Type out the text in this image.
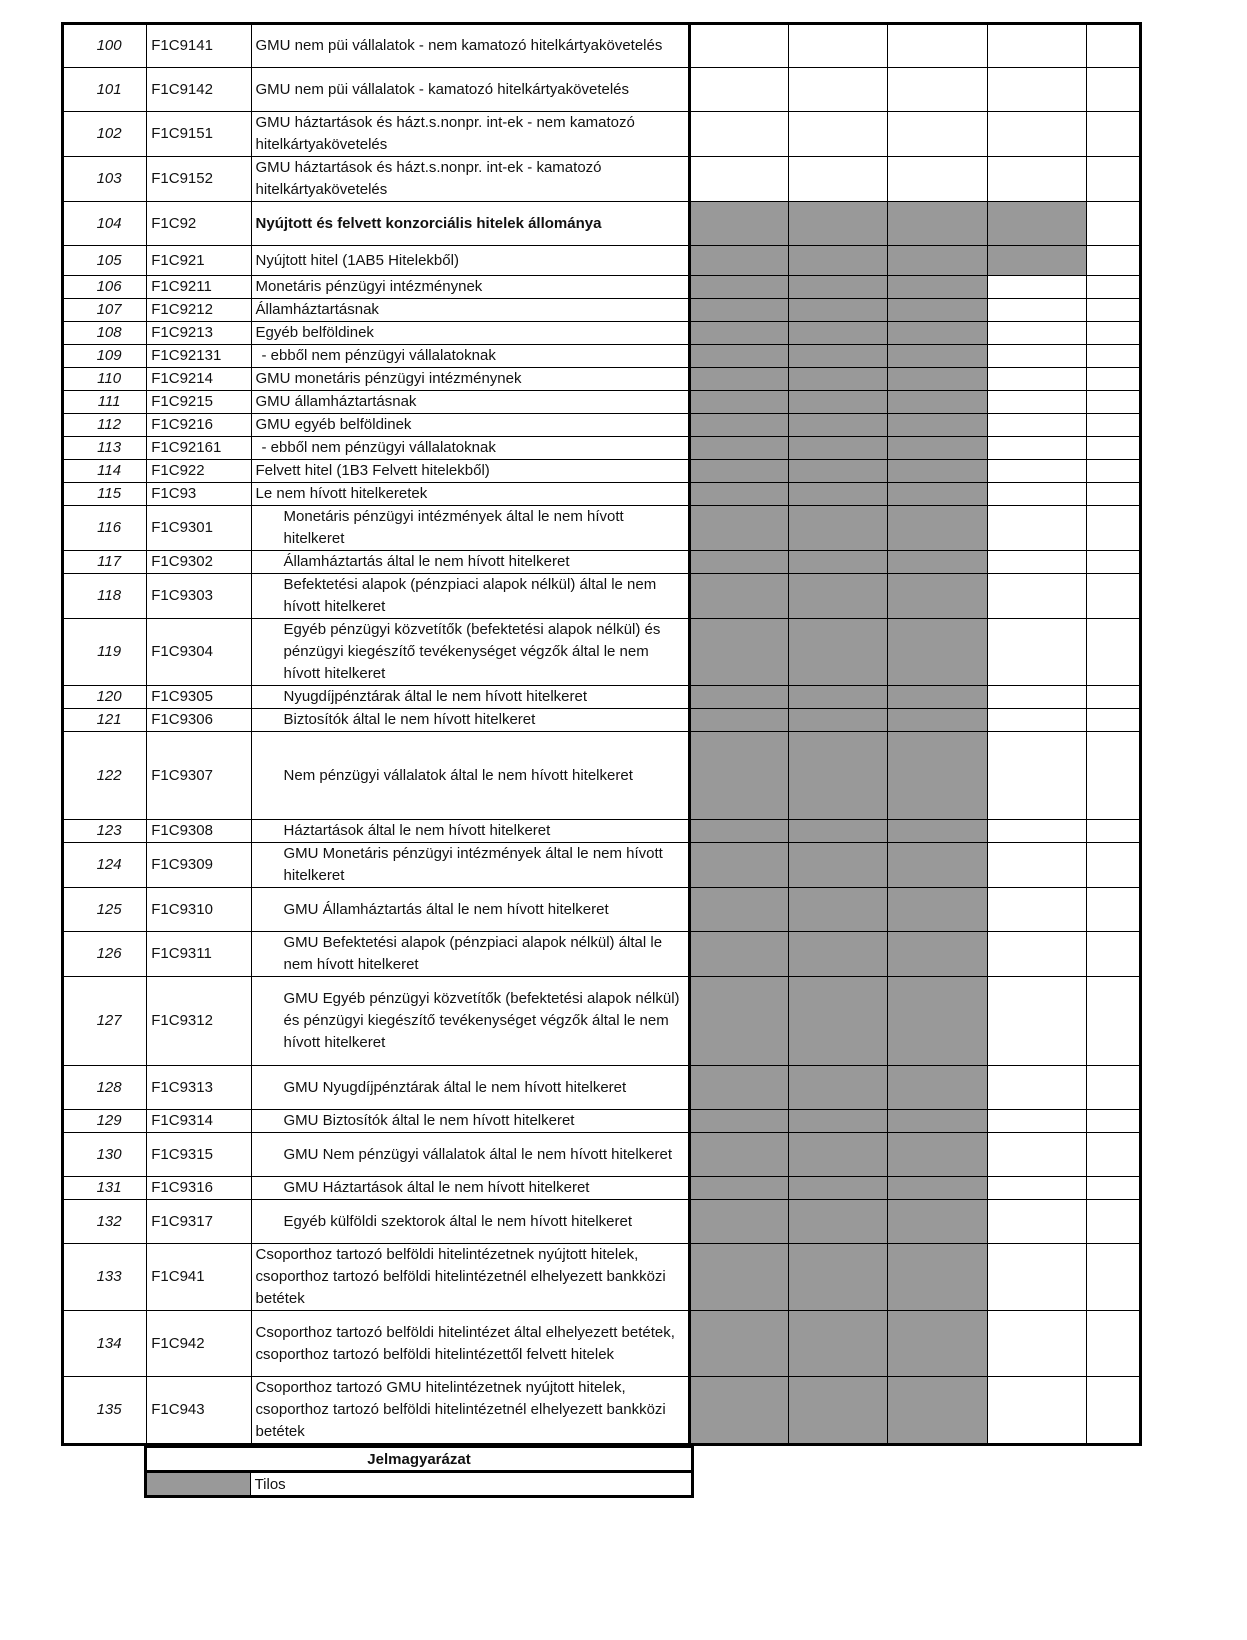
100	F1C9141	GMU nem püi vállalatok - nem kamatozó hitelkártyakövetelés					
101	F1C9142	GMU nem püi vállalatok - kamatozó hitelkártyakövetelés					
102	F1C9151	GMU háztartások és házt.s.nonpr. int-ek - nem kamatozó hitelkártyakövetelés					
103	F1C9152	GMU háztartások és házt.s.nonpr. int-ek - kamatozó hitelkártyakövetelés					
104	F1C92	Nyújtott és felvett konzorciális hitelek állománya					
105	F1C921	Nyújtott hitel (1AB5 Hitelekből)					
106	F1C9211	Monetáris pénzügyi intézménynek					
107	F1C9212	Államháztartásnak					
108	F1C9213	Egyéb belföldinek					
109	F1C92131	- ebből nem pénzügyi vállalatoknak					
110	F1C9214	GMU monetáris pénzügyi intézménynek					
111	F1C9215	GMU államháztartásnak					
112	F1C9216	GMU egyéb belföldinek					
113	F1C92161	- ebből nem pénzügyi vállalatoknak					
114	F1C922	Felvett hitel (1B3 Felvett hitelekből)					
115	F1C93	Le nem hívott hitelkeretek					
116	F1C9301	Monetáris pénzügyi intézmények által le nem hívott hitelkeret					
117	F1C9302	Államháztartás által le nem hívott hitelkeret					
118	F1C9303	Befektetési alapok (pénzpiaci alapok nélkül) által le nem hívott hitelkeret					
119	F1C9304	Egyéb pénzügyi közvetítők (befektetési alapok nélkül) és pénzügyi kiegészítő tevékenységet végzők által le nem hívott hitelkeret					
120	F1C9305	Nyugdíjpénztárak által le nem hívott hitelkeret					
121	F1C9306	Biztosítók által le nem hívott hitelkeret					
122	F1C9307	Nem pénzügyi vállalatok által le nem hívott hitelkeret					
123	F1C9308	Háztartások által le nem hívott hitelkeret					
124	F1C9309	GMU Monetáris pénzügyi intézmények által le nem hívott hitelkeret					
125	F1C9310	GMU Államháztartás által le nem hívott hitelkeret					
126	F1C9311	GMU Befektetési alapok (pénzpiaci alapok nélkül) által le nem hívott hitelkeret					
127	F1C9312	GMU Egyéb pénzügyi közvetítők (befektetési alapok nélkül) és pénzügyi kiegészítő tevékenységet végzők által le nem hívott hitelkeret					
128	F1C9313	GMU Nyugdíjpénztárak által le nem hívott hitelkeret					
129	F1C9314	GMU Biztosítók által le nem hívott hitelkeret					
130	F1C9315	GMU Nem pénzügyi vállalatok által le nem hívott hitelkeret					
131	F1C9316	GMU Háztartások által le nem hívott hitelkeret					
132	F1C9317	Egyéb külföldi szektorok által le nem hívott hitelkeret					
133	F1C941	Csoporthoz tartozó belföldi hitelintézetnek nyújtott hitelek, csoporthoz tartozó belföldi hitelintézetnél elhelyezett bankközi betétek					
134	F1C942	Csoporthoz tartozó belföldi hitelintézet által elhelyezett betétek, csoporthoz tartozó belföldi hitelintézettől felvett hitelek					
135	F1C943	Csoporthoz tartozó GMU hitelintézetnek nyújtott hitelek, csoporthoz tartozó belföldi hitelintézetnél elhelyezett bankközi betétek					
Jelmagyarázat
	Tilos
